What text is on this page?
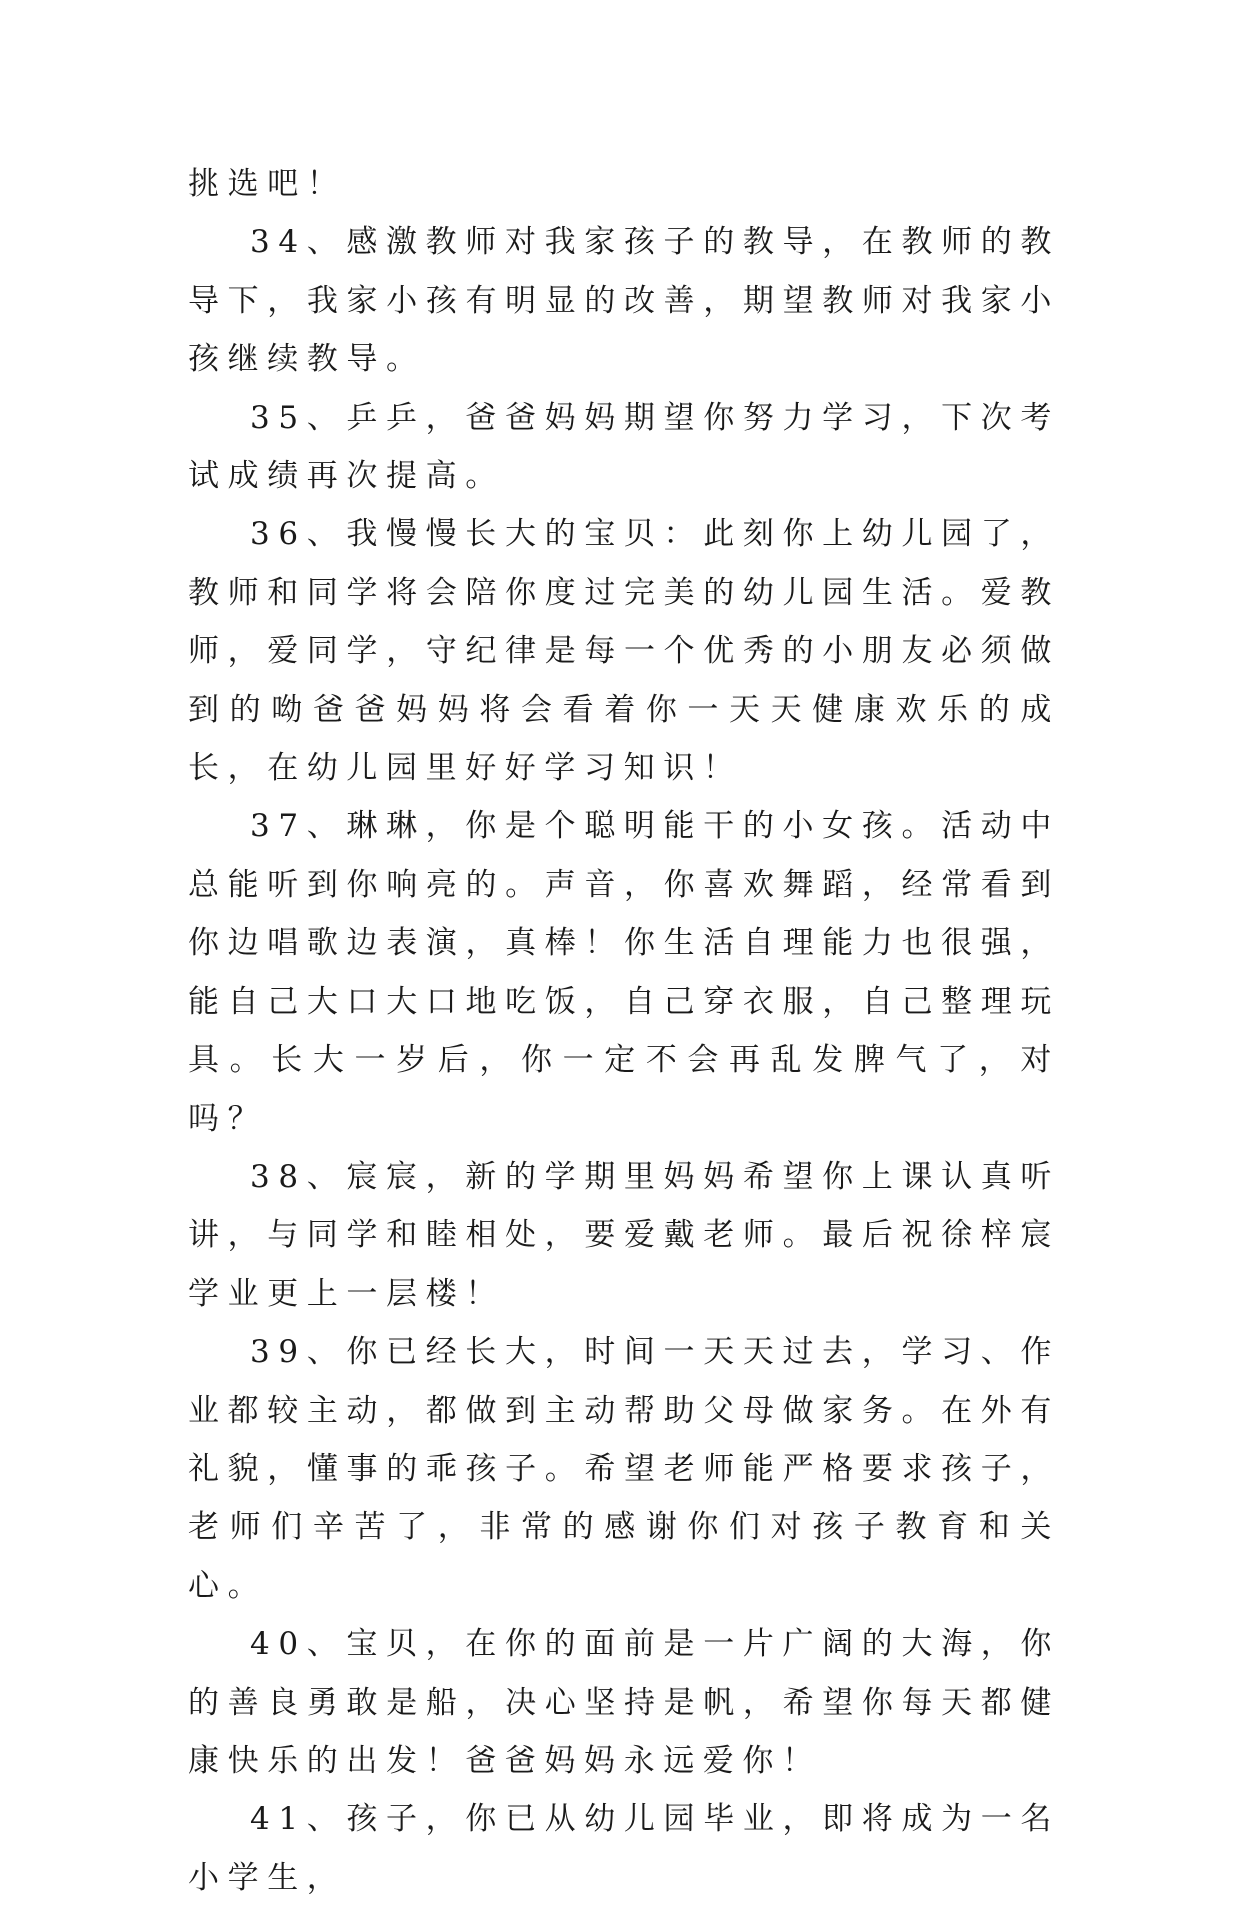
挑选吧！

34、感激教师对我家孩子的教导，在教师的教导下，我家小孩有明显的改善，期望教师对我家小孩继续教导。

35、乒乒，爸爸妈妈期望你努力学习，下次考试成绩再次提高。

36、我慢慢长大的宝贝：此刻你上幼儿园了，教师和同学将会陪你度过完美的幼儿园生活。爱教师，爱同学，守纪律是每一个优秀的小朋友必须做到的呦爸爸妈妈将会看着你一天天健康欢乐的成长，在幼儿园里好好学习知识！

37、琳琳，你是个聪明能干的小女孩。活动中总能听到你响亮的。声音，你喜欢舞蹈，经常看到你边唱歌边表演，真棒！你生活自理能力也很强，能自己大口大口地吃饭，自己穿衣服，自己整理玩具。长大一岁后，你一定不会再乱发脾气了，对吗？

38、宸宸，新的学期里妈妈希望你上课认真听讲，与同学和睦相处，要爱戴老师。最后祝徐梓宸学业更上一层楼！

39、你已经长大，时间一天天过去，学习、作业都较主动，都做到主动帮助父母做家务。在外有礼貌，懂事的乖孩子。希望老师能严格要求孩子，老师们辛苦了，非常的感谢你们对孩子教育和关心。

40、宝贝，在你的面前是一片广阔的大海，你的善良勇敢是船，决心坚持是帆，希望你每天都健康快乐的出发！爸爸妈妈永远爱你！

41、孩子，你已从幼儿园毕业，即将成为一名小学生，
